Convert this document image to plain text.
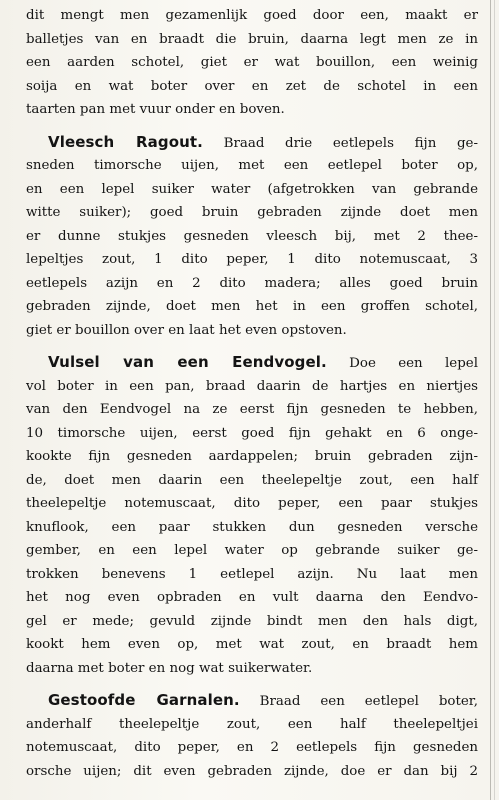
dit mengt men gezamenlijk goed door een, maakt er
balletjes van en braadt die bruin, daarna legt men ze in
een aarden schotel, giet er wat bouillon, een weinig
soija en wat boter over en zet de schotel in een
taarten pan met vuur onder en boven.
Vleesch Ragout. Braad drie eetlepels fijn ge-
sneden timorsche uijen, met een eetlepel boter op,
en een lepel suiker water (afgetrokken van gebrande
witte suiker); goed bruin gebraden zijnde doet men
er dunne stukjes gesneden vleesch bij, met 2 thee-
lepeltjes zout, 1 dito peper, 1 dito notemuscaat, 3
eetlepels azijn en 2 dito madera; alles goed bruin
gebraden zijnde, doet men het in een groffen schotel,
giet er bouillon over en laat het even opstoven.
Vulsel van een Eendvogel. Doe een lepel
vol boter in een pan, braad daarin de hartjes en niertjes
van den Eendvogel na ze eerst fijn gesneden te hebben,
10 timorsche uijen, eerst goed fijn gehakt en 6 onge-
kookte fijn gesneden aardappelen; bruin gebraden zijn-
de, doet men daarin een theelepeltje zout, een half
theelepeltje notemuscaat, dito peper, een paar stukjes
knuflook, een paar stukken dun gesneden versche
gember, en een lepel water op gebrande suiker ge-
trokken benevens 1 eetlepel azijn. Nu laat men
het nog even opbraden en vult daarna den Eendvo-
gel er mede; gevuld zijnde bindt men den hals digt,
kookt hem even op, met wat zout, en braadt hem
daarna met boter en nog wat suikerwater.
Gestoofde Garnalen. Braad een eetlepel boter,
anderhalf theelepeltje zout, een half theelepeltjei
notemuscaat, dito peper, en 2 eetlepels fijn gesneden
orsche uijen; dit even gebraden zijnde, doe er dan bij 2
